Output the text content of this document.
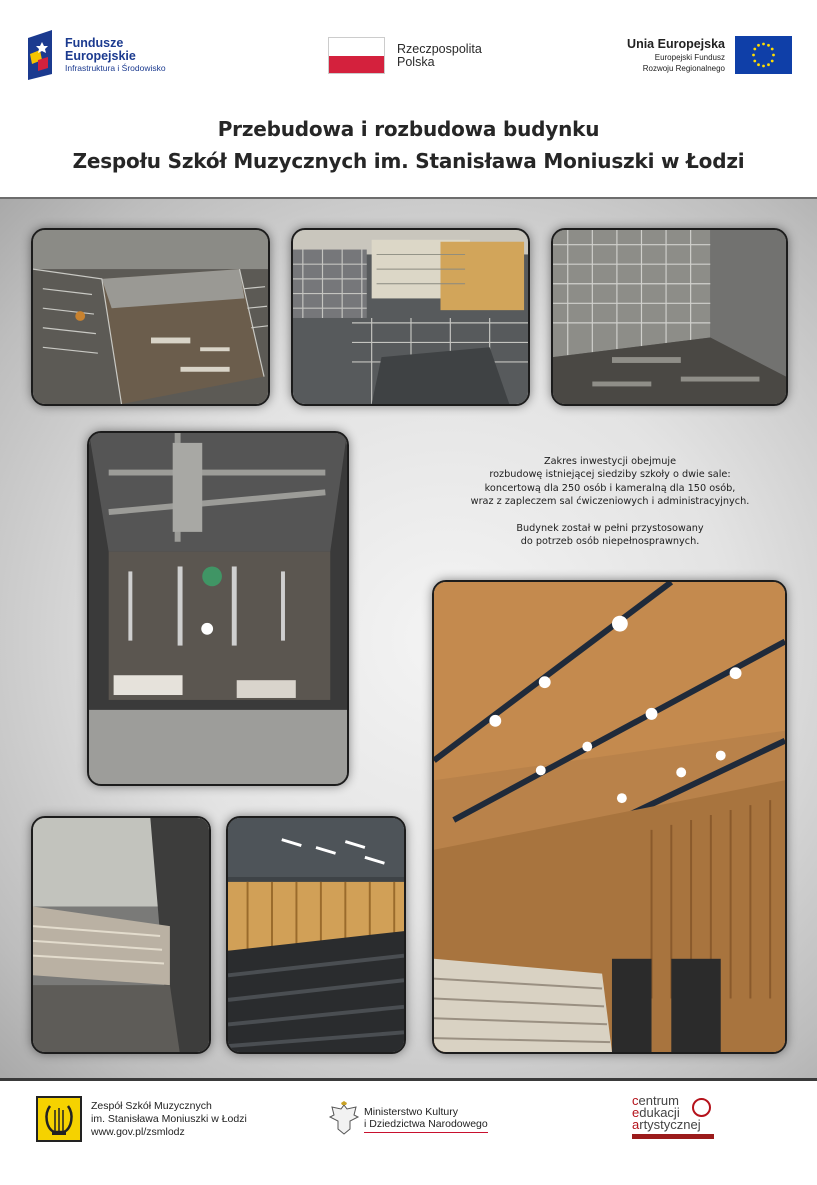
Fundusze
Europejskie
Infrastruktura i Środowisko
Rzeczpospolita
Polska
Unia Europejska
Europejski Fundusz
Rozwoju Regionalnego
Przebudowa i rozbudowa budynku
Zespołu Szkół Muzycznych im. Stanisława Moniuszki w Łodzi

Zakres inwestycji obejmuje
rozbudowę istniejącej siedziby szkoły o dwie sale:
koncertową dla 250 osób i kameralną dla 150 osób,
wraz z zapleczem sal ćwiczeniowych i administracyjnych.

Budynek został w pełni przystosowany
do potrzeb osób niepełnosprawnych.

Zespół Szkół Muzycznych
im. Stanisława Moniuszki w Łodzi
www.gov.pl/zsmlodz
Ministerstwo Kultury
i Dziedzictwa Narodowego
centrum
edukacji
artystycznej
